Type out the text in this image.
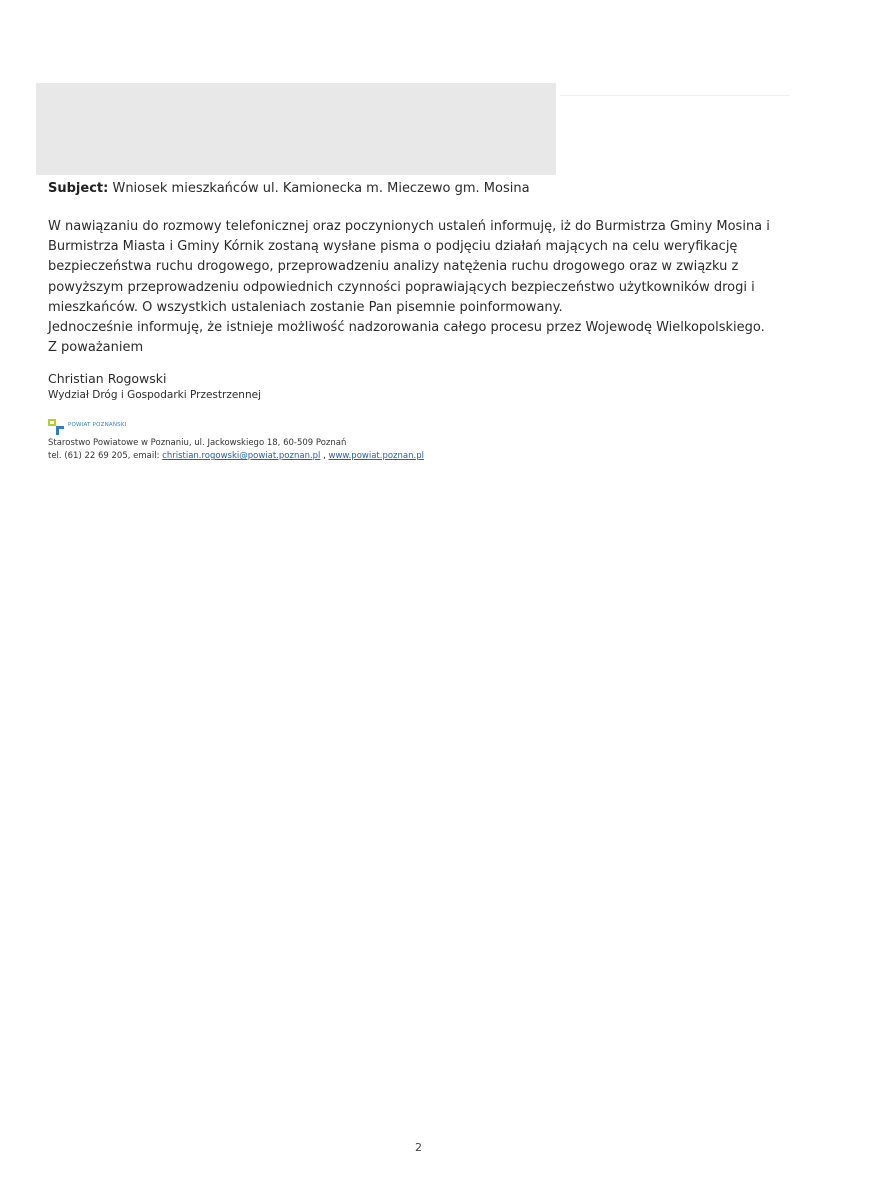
Subject: Wniosek mieszkańców ul. Kamionecka m. Mieczewo gm. Mosina

W nawiązaniu do rozmowy telefonicznej oraz poczynionych ustaleń informuję, iż do Burmistrza Gminy Mosina i

Burmistrza Miasta i Gminy Kórnik zostaną wysłane pisma o podjęciu działań mających na celu weryfikację

bezpieczeństwa ruchu drogowego, przeprowadzeniu analizy natężenia ruchu drogowego oraz w związku z

powyższym przeprowadzeniu odpowiednich czynności poprawiających bezpieczeństwo użytkowników drogi i

mieszkańców. O wszystkich ustaleniach zostanie Pan pisemnie poinformowany.

Jednocześnie informuję, że istnieje możliwość nadzorowania całego procesu przez Wojewodę Wielkopolskiego.

Z poważaniem

Christian Rogowski
Wydział Dróg i Gospodarki Przestrzennej
POWIAT POZNAŃSKI
Starostwo Powiatowe w Poznaniu, ul. Jackowskiego 18, 60-509 Poznań
tel. (61) 22 69 205, email: christian.rogowski@powiat.poznan.pl , www.powiat.poznan.pl
2
